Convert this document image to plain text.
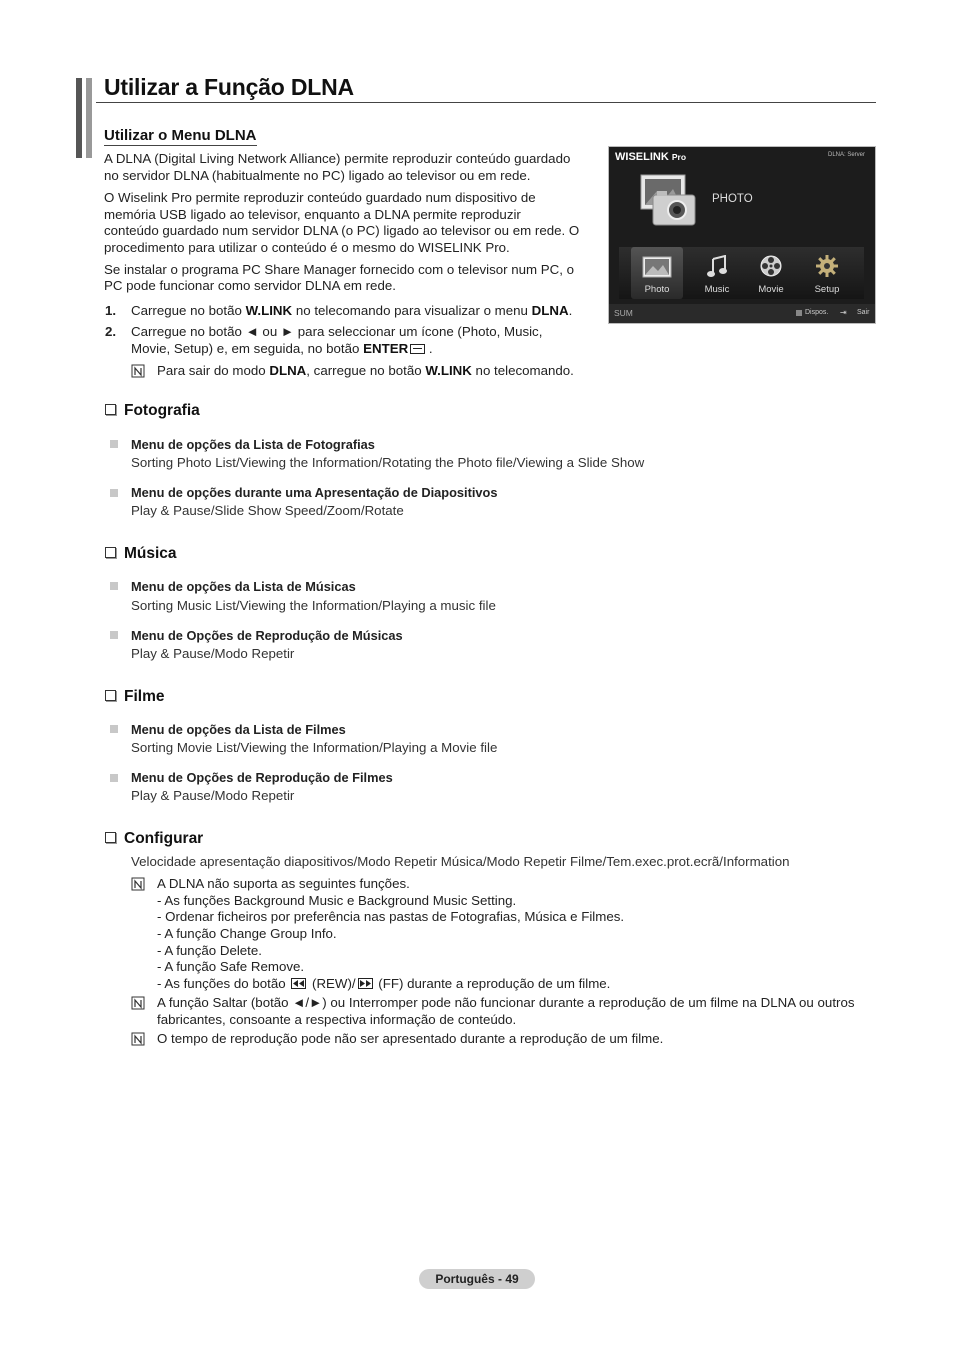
Utilizar a Função DLNA
Utilizar o Menu DLNA
A DLNA (Digital Living Network Alliance) permite reproduzir conteúdo guardado
no servidor DLNA (habitualmente no PC) ligado ao televisor ou em rede.
O Wiselink Pro permite reproduzir conteúdo guardado num dispositivo de
memória USB ligado ao televisor, enquanto a DLNA permite reproduzir
conteúdo guardado num servidor DLNA (o PC) ligado ao televisor ou em rede. O
procedimento para utilizar o conteúdo é o mesmo do WISELINK Pro.
Se instalar o programa PC Share Manager fornecido com o televisor num PC, o
PC pode funcionar como servidor DLNA em rede.
1. Carregue no botão W.LINK no telecomando para visualizar o menu DLNA.
2. Carregue no botão ◄ ou ► para seleccionar um ícone (Photo, Music,
Movie, Setup) e, em seguida, no botão ENTER
.
Para sair do modo DLNA, carregue no botão W.LINK no telecomando.
WISELINK Pro	DLNA: Server
PHOTO
Photo	Music	Movie	Setup
SUM	Dispos. ⇥ Sair
Fotografia
Menu de opções da Lista de Fotografias
Sorting Photo List/Viewing the Information/Rotating the Photo file/Viewing a Slide Show
Menu de opções durante uma Apresentação de Diapositivos
Play & Pause/Slide Show Speed/Zoom/Rotate
Música
Menu de opções da Lista de Músicas
Sorting Music List/Viewing the Information/Playing a music file
Menu de Opções de Reprodução de Músicas
Play & Pause/Modo Repetir
Filme
Menu de opções da Lista de Filmes
Sorting Movie List/Viewing the Information/Playing a Movie file
Menu de Opções de Reprodução de Filmes
Play & Pause/Modo Repetir
Configurar
Velocidade apresentação diapositivos/Modo Repetir Música/Modo Repetir Filme/Tem.exec.prot.ecrã/Information
A DLNA não suporta as seguintes funções.
- As funções Background Music e Background Music Setting.
- Ordenar ficheiros por preferência nas pastas de Fotografias, Música e Filmes.
- A função Change Group Info.
- A função Delete.
- A função Safe Remove.
- As funções do botão
(REW)/
(FF) durante a reprodução de um filme.
A função Saltar (botão ◄/►) ou Interromper pode não funcionar durante a reprodução de um filme na DLNA ou outros
fabricantes, consoante a respectiva informação de conteúdo.
O tempo de reprodução pode não ser apresentado durante a reprodução de um filme.
Português - 49
